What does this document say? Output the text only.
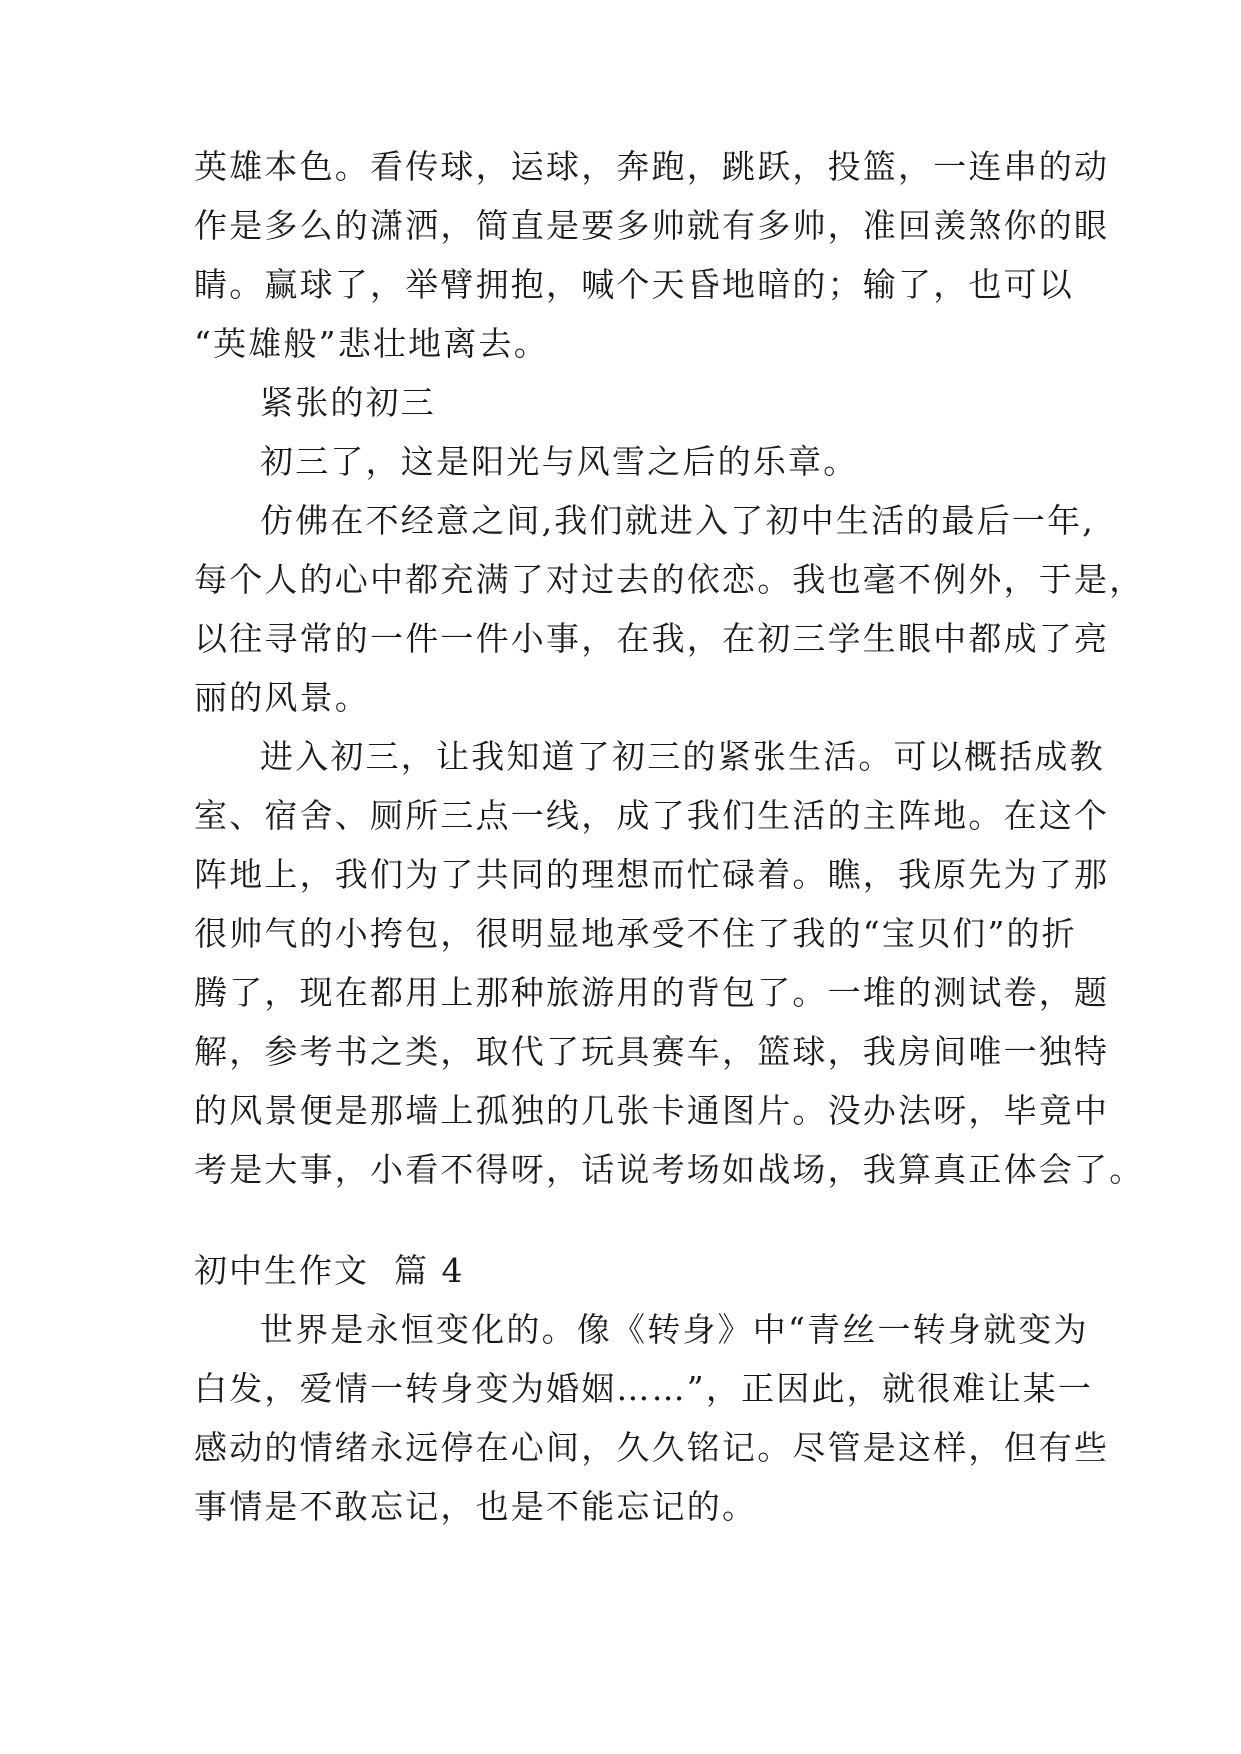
英雄本色。看传球，运球，奔跑，跳跃，投篮，一连串的动
作是多么的潇洒，简直是要多帅就有多帅，准回羡煞你的眼
睛。赢球了，举臂拥抱，喊个天昏地暗的；输了，也可以
“英雄般”悲壮地离去。
紧张的初三
初三了，这是阳光与风雪之后的乐章。
仿佛在不经意之间,我们就进入了初中生活的最后一年,
每个人的心中都充满了对过去的依恋。我也毫不例外，于是，
以往寻常的一件一件小事，在我，在初三学生眼中都成了亮
丽的风景。
进入初三，让我知道了初三的紧张生活。可以概括成教
室、宿舍、厕所三点一线，成了我们生活的主阵地。在这个
阵地上，我们为了共同的理想而忙碌着。瞧，我原先为了那
很帅气的小挎包，很明显地承受不住了我的“宝贝们”的折
腾了，现在都用上那种旅游用的背包了。一堆的测试卷，题
解，参考书之类，取代了玩具赛车，篮球，我房间唯一独特
的风景便是那墙上孤独的几张卡通图片。没办法呀，毕竟中
考是大事，小看不得呀，话说考场如战场，我算真正体会了。
初中生作文  篇 4
世界是永恒变化的。像《转身》中“青丝一转身就变为
白发，爱情一转身变为婚姻……”，正因此，就很难让某一
感动的情绪永远停在心间，久久铭记。尽管是这样，但有些
事情是不敢忘记，也是不能忘记的。
